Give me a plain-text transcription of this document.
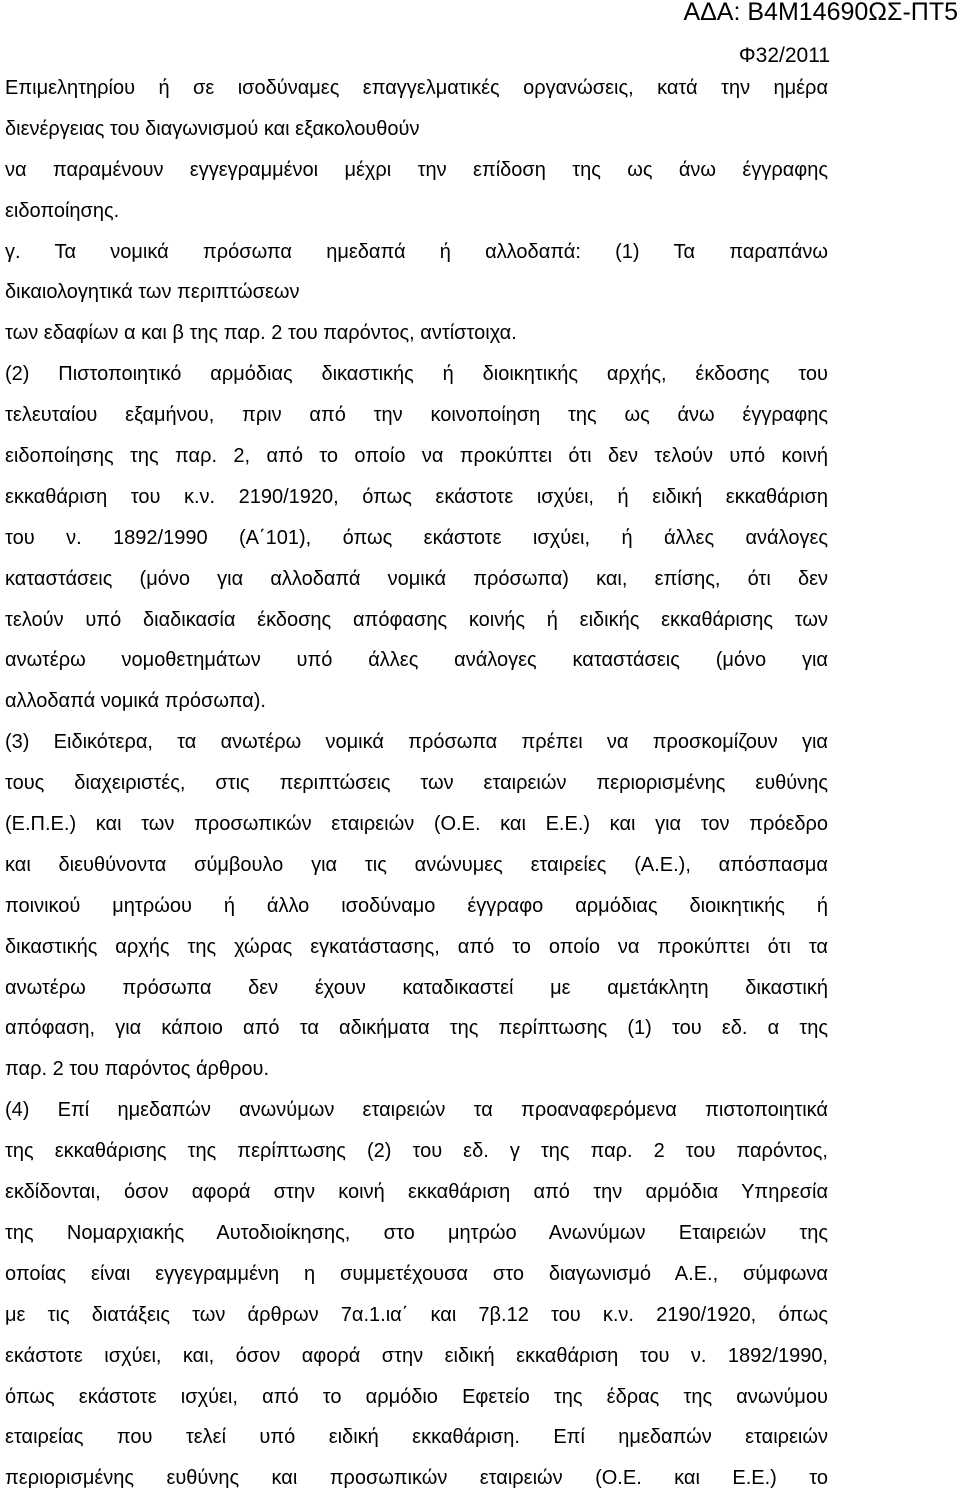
ΑΔΑ: Β4Μ14690ΩΣ-ΠΤ5
Φ32/2011
Επιμελητηρίου ή σε ισοδύναμες επαγγελματικές οργανώσεις, κατά την ημέρα
διενέργειας του διαγωνισμού και εξακολουθούν
να παραμένουν εγγεγραμμένοι μέχρι την επίδοση της ως άνω έγγραφης
ειδοποίησης.
γ. Τα νομικά πρόσωπα ημεδαπά ή αλλοδαπά: (1) Τα παραπάνω
δικαιολογητικά των περιπτώσεων
των εδαφίων α και β της παρ. 2 του παρόντος, αντίστοιχα.
(2) Πιστοποιητικό αρμόδιας δικαστικής ή διοικητικής αρχής, έκδοσης του
τελευταίου εξαμήνου, πριν από την κοινοποίηση της ως άνω έγγραφης
ειδοποίησης της παρ. 2, από το οποίο να προκύπτει ότι δεν τελούν υπό κοινή
εκκαθάριση του κ.ν. 2190/1920, όπως εκάστοτε ισχύει, ή ειδική εκκαθάριση
του ν. 1892/1990 (Α΄101), όπως εκάστοτε ισχύει, ή άλλες ανάλογες
καταστάσεις (μόνο για αλλοδαπά νομικά πρόσωπα) και, επίσης, ότι δεν
τελούν υπό διαδικασία έκδοσης απόφασης κοινής ή ειδικής εκκαθάρισης των
ανωτέρω νομοθετημάτων υπό άλλες ανάλογες καταστάσεις (μόνο για
αλλοδαπά νομικά πρόσωπα).
(3) Ειδικότερα, τα ανωτέρω νομικά πρόσωπα πρέπει να προσκομίζουν για
τους διαχειριστές, στις περιπτώσεις των εταιρειών περιορισμένης ευθύνης
(Ε.Π.Ε.) και των προσωπικών εταιρειών (Ο.Ε. και Ε.Ε.) και για τον πρόεδρο
και διευθύνοντα σύμβουλο για τις ανώνυμες εταιρείες (Α.Ε.), απόσπασμα
ποινικού μητρώου ή άλλο ισοδύναμο έγγραφο αρμόδιας διοικητικής ή
δικαστικής αρχής της χώρας εγκατάστασης, από το οποίο να προκύπτει ότι τα
ανωτέρω πρόσωπα δεν έχουν καταδικαστεί με αμετάκλητη δικαστική
απόφαση, για κάποιο από τα αδικήματα της περίπτωσης (1) του εδ. α της
παρ. 2 του παρόντος άρθρου.
(4) Επί ημεδαπών ανωνύμων εταιρειών τα προαναφερόμενα πιστοποιητικά
της εκκαθάρισης της περίπτωσης (2) του εδ. γ της παρ. 2 του παρόντος,
εκδίδονται, όσον αφορά στην κοινή εκκαθάριση από την αρμόδια Υπηρεσία
της Νομαρχιακής Αυτοδιοίκησης, στο μητρώο Ανωνύμων Εταιρειών της
οποίας είναι εγγεγραμμένη η συμμετέχουσα στο διαγωνισμό Α.Ε., σύμφωνα
με τις διατάξεις των άρθρων 7α.1.ια΄ και 7β.12 του κ.ν. 2190/1920, όπως
εκάστοτε ισχύει, και, όσον αφορά στην ειδική εκκαθάριση του ν. 1892/1990,
όπως εκάστοτε ισχύει, από το αρμόδιο Εφετείο της έδρας της ανωνύμου
εταιρείας που τελεί υπό ειδική εκκαθάριση. Επί ημεδαπών εταιρειών
περιορισμένης ευθύνης και προσωπικών εταιρειών (Ο.Ε. και Ε.Ε.) το
